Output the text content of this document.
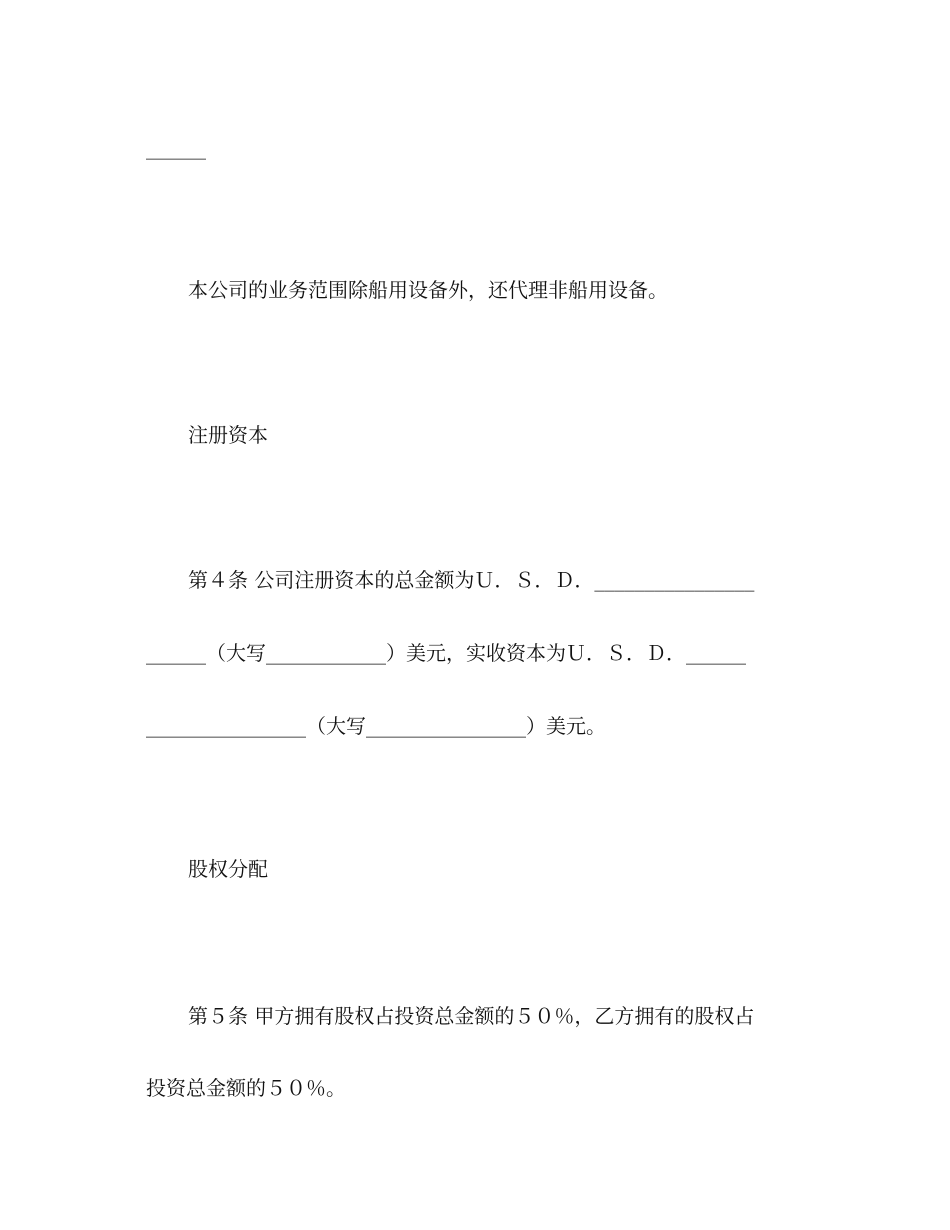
______
本公司的业务范围除船用设备外，还代理非船用设备。
注册资本
第４条 公司注册资本的总金额为Ｕ．Ｓ．Ｄ．________________
______（大写____________）美元，实收资本为Ｕ．Ｓ．Ｄ．______
________________（大写________________）美元。
股权分配
第５条 甲方拥有股权占投资总金额的５０％，乙方拥有的股权占
投资总金额的５０％。
